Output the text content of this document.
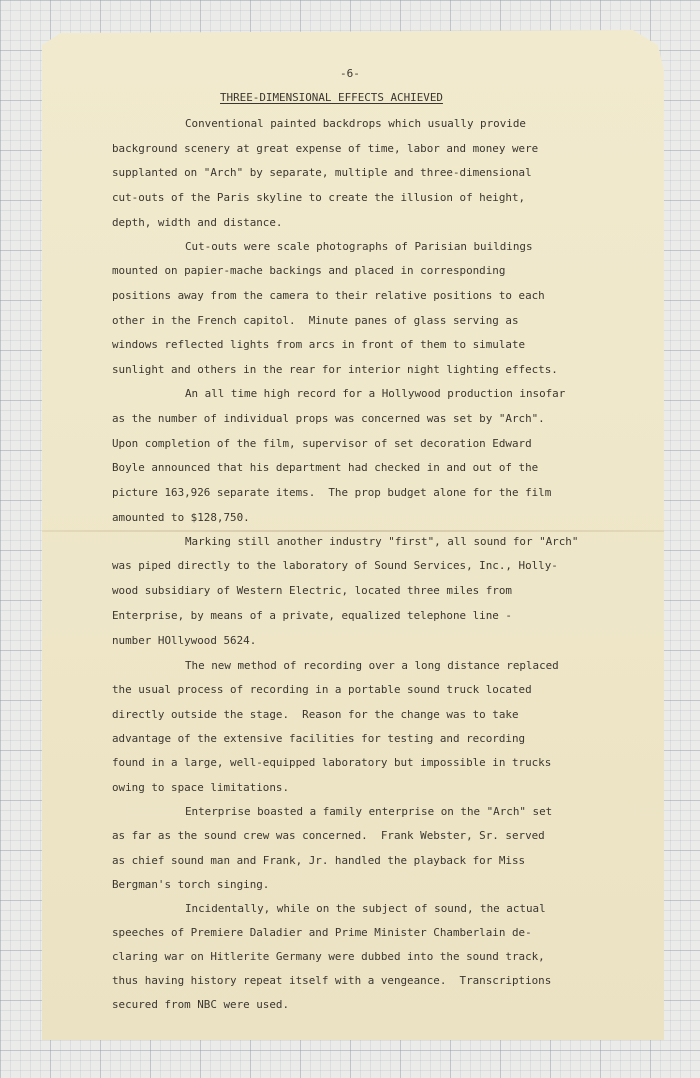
-6-
THREE-DIMENSIONAL EFFECTS ACHIEVED
Conventional painted backdrops which usually provide
background scenery at great expense of time, labor and money were
supplanted on "Arch" by separate, multiple and three-dimensional
cut-outs of the Paris skyline to create the illusion of height,
depth, width and distance.
Cut-outs were scale photographs of Parisian buildings
mounted on papier-mache backings and placed in corresponding
positions away from the camera to their relative positions to each
other in the French capitol.  Minute panes of glass serving as
windows reflected lights from arcs in front of them to simulate
sunlight and others in the rear for interior night lighting effects.
An all time high record for a Hollywood production insofar
as the number of individual props was concerned was set by "Arch".
Upon completion of the film, supervisor of set decoration Edward
Boyle announced that his department had checked in and out of the
picture 163,926 separate items.  The prop budget alone for the film
amounted to $128,750.
Marking still another industry "first", all sound for "Arch"
was piped directly to the laboratory of Sound Services, Inc., Holly-
wood subsidiary of Western Electric, located three miles from
Enterprise, by means of a private, equalized telephone line -
number HOllywood 5624.
The new method of recording over a long distance replaced
the usual process of recording in a portable sound truck located
directly outside the stage.  Reason for the change was to take
advantage of the extensive facilities for testing and recording
found in a large, well-equipped laboratory but impossible in trucks
owing to space limitations.
Enterprise boasted a family enterprise on the "Arch" set
as far as the sound crew was concerned.  Frank Webster, Sr. served
as chief sound man and Frank, Jr. handled the playback for Miss
Bergman's torch singing.
Incidentally, while on the subject of sound, the actual
speeches of Premiere Daladier and Prime Minister Chamberlain de-
claring war on Hitlerite Germany were dubbed into the sound track,
thus having history repeat itself with a vengeance.  Transcriptions
secured from NBC were used.
